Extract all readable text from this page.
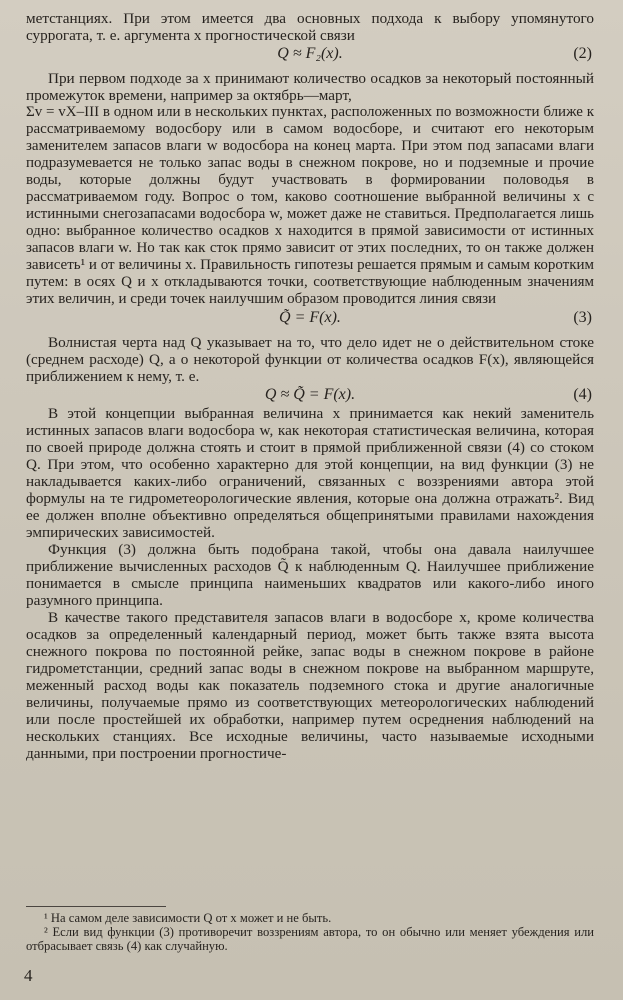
метстанциях. При этом имеется два основных подхода к выбору упомянутого суррогата, т. е. аргумента x прогностической связи

Q ≈ F₂(x).	(2)

При первом подходе за x принимают количество осадков за некоторый постоянный промежуток времени, например за октябрь—март,

Σv = vX–III в одном или в нескольких пунктах, расположенных по возможности ближе к рассматриваемому водосбору или в самом водосборе, и считают его некоторым заменителем запасов влаги w водосбора на конец марта. При этом под запасами влаги подразумевается не только запас воды в снежном покрове, но и подземные и прочие воды, которые должны будут участвовать в формировании половодья в рассматриваемом году. Вопрос о том, каково соотношение выбранной величины x с истинными снегозапасами водосбора w, может даже не ставиться. Предполагается лишь одно: выбранное количество осадков x находится в прямой зависимости от истинных запасов влаги w. Но так как сток прямо зависит от этих последних, то он также должен зависеть¹ и от величины x. Правильность гипотезы решается прямым и самым коротким путем: в осях Q и x откладываются точки, соответствующие наблюденным значениям этих величин, и среди точек наилучшим образом проводится линия связи

Q̃ = F(x).	(3)

Волнистая черта над Q указывает на то, что дело идет не о действительном стоке (среднем расходе) Q, а о некоторой функции от количества осадков F(x), являющейся приближением к нему, т. е.

Q ≈ Q̃ = F(x).	(4)

В этой концепции выбранная величина x принимается как некий заменитель истинных запасов влаги водосбора w, как некоторая статистическая величина, которая по своей природе должна стоять и стоит в прямой приближенной связи (4) со стоком Q. При этом, что особенно характерно для этой концепции, на вид функции (3) не накладывается каких-либо ограничений, связанных с воззрениями автора этой формулы на те гидрометеорологические явления, которые она должна отражать². Вид ее должен вполне объективно определяться общепринятыми правилами нахождения эмпирических зависимостей.

Функция (3) должна быть подобрана такой, чтобы она давала наилучшее приближение вычисленных расходов Q̃ к наблюденным Q. Наилучшее приближение понимается в смысле принципа наименьших квадратов или какого-либо иного разумного принципа.

В качестве такого представителя запасов влаги в водосборе x, кроме количества осадков за определенный календарный период, может быть также взята высота снежного покрова по постоянной рейке, запас воды в снежном покрове в районе гидрометстанции, средний запас воды в снежном покрове на выбранном маршруте, меженный расход воды как показатель подземного стока и другие аналогичные величины, получаемые прямо из соответствующих метеорологических наблюдений или после простейшей их обработки, например путем осреднения наблюдений на нескольких станциях. Все исходные величины, часто называемые исходными данными, при построении прогностиче-

¹ На самом деле зависимости Q от x может и не быть.

² Если вид функции (3) противоречит воззрениям автора, то он обычно или меняет убеждения или отбрасывает связь (4) как случайную.

4
